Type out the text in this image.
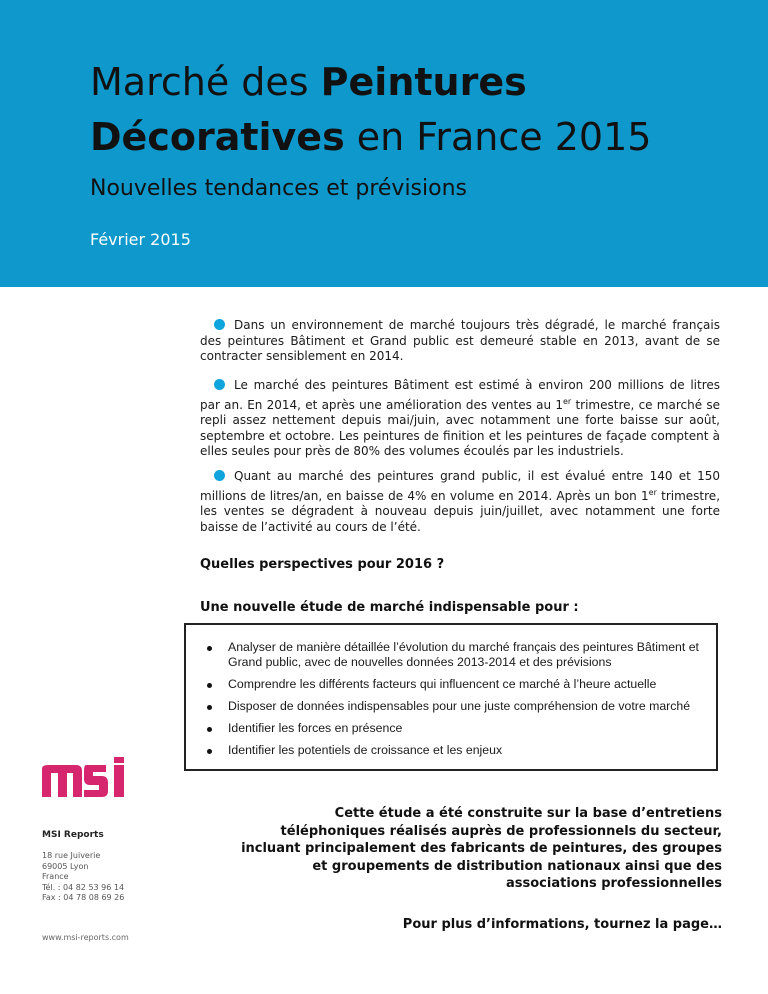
Marché des Peintures
Décoratives en France 2015
Nouvelles tendances et prévisions
Février 2015
Dans un environnement de marché toujours très dégradé, le marché français des peintures Bâtiment et Grand public est demeuré stable en 2013, avant de se contracter sensiblement en 2014.
Le marché des peintures Bâtiment est estimé à environ 200 millions de litres par an. En 2014, et après une amélioration des ventes au 1er trimestre, ce marché se repli assez nettement depuis mai/juin, avec notamment une forte baisse sur août, septembre et octobre. Les peintures de finition et les peintures de façade comptent à elles seules pour près de 80% des volumes écoulés par les industriels.
Quant au marché des peintures grand public, il est évalué entre 140 et 150 millions de litres/an, en baisse de 4% en volume en 2014. Après un bon 1er trimestre, les ventes se dégradent à nouveau depuis juin/juillet, avec notamment une forte baisse de l’activité au cours de l’été.
Quelles perspectives pour 2016 ?
Une nouvelle étude de marché indispensable pour :
Analyser de manière détaillée l’évolution du marché français des peintures Bâtiment et Grand public, avec de nouvelles données 2013-2014 et des prévisions
Comprendre les différents facteurs qui influencent ce marché à l’heure actuelle
Disposer de données indispensables pour une juste compréhension de votre marché
Identifier les forces en présence
Identifier les potentiels de croissance et les enjeux
MSI Reports
18 rue Juiverie
69005 Lyon
France
Tél. : 04 82 53 96 14
Fax : 04 78 08 69 26
www.msi-reports.com
Cette étude a été construite sur la base d’entretiens téléphoniques réalisés auprès de professionnels du secteur, incluant principalement des fabricants de peintures, des groupes et groupements de distribution nationaux ainsi que des associations professionnelles
Pour plus d’informations, tournez la page…
